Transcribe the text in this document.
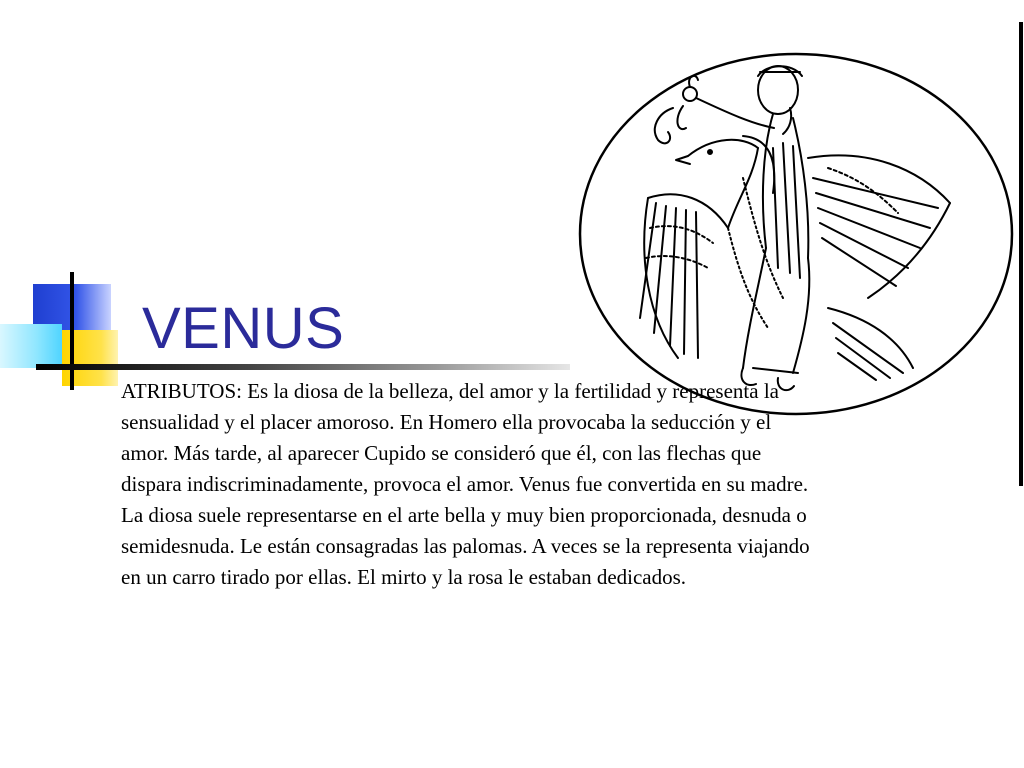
VENUS
ATRIBUTOS: Es la diosa de la belleza, del amor y la fertilidad y representa la
sensualidad y el placer amoroso. En Homero ella provocaba la seducción y el
amor. Más tarde, al aparecer Cupido se consideró que él, con las flechas que
dispara indiscriminadamente, provoca el amor. Venus fue convertida en su madre.
La diosa suele representarse en el arte bella y muy bien proporcionada, desnuda o
semidesnuda. Le están consagradas las palomas. A veces se la representa viajando
en un carro tirado por ellas. El mirto y la rosa le estaban dedicados.
